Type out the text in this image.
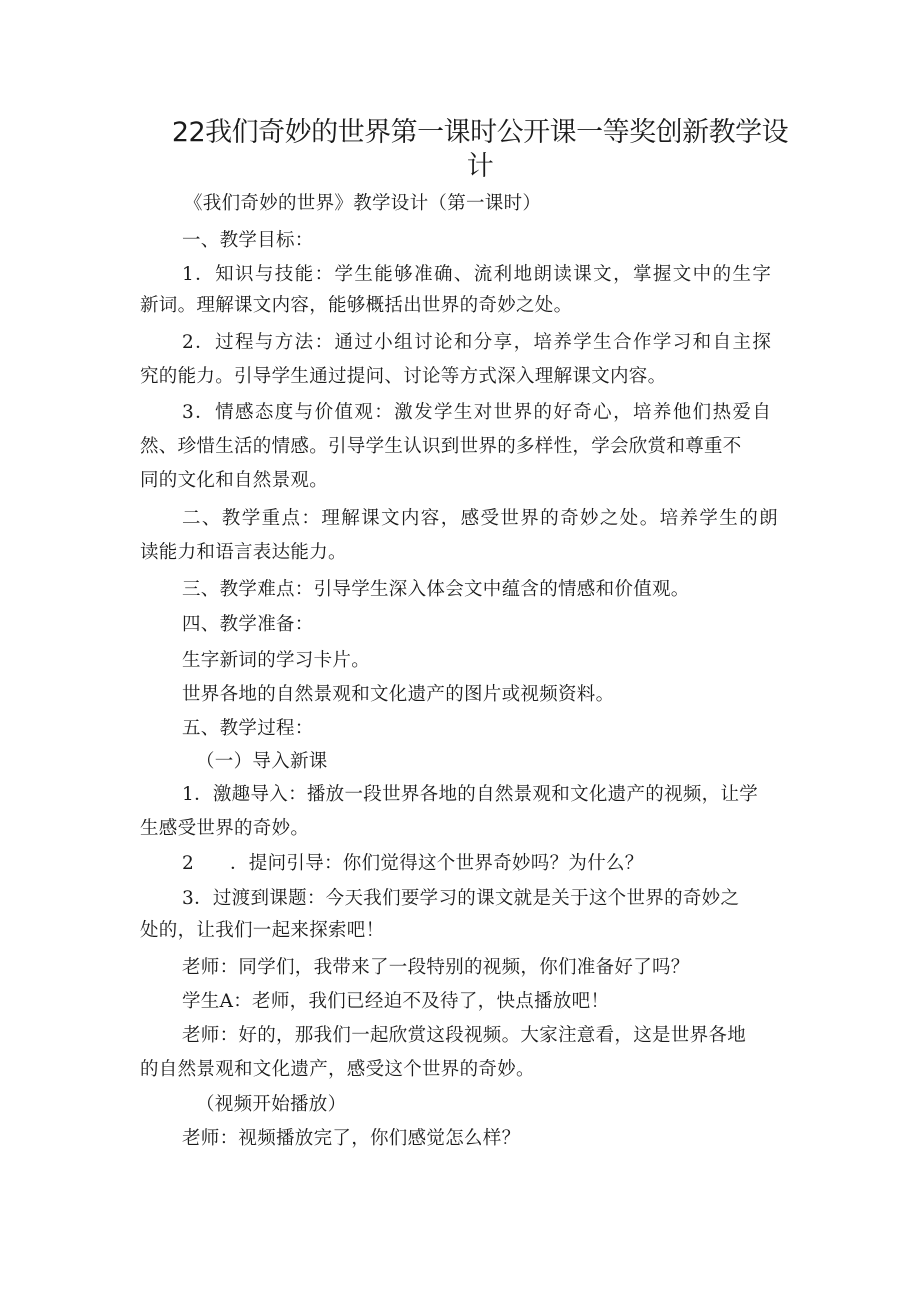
22我们奇妙的世界第一课时公开课一等奖创新教学设
计
《我们奇妙的世界》教学设计（第一课时）
一、教学目标：
1．知识与技能：学生能够准确、流利地朗读课文，掌握文中的生字
新词。理解课文内容，能够概括出世界的奇妙之处。
2．过程与方法：通过小组讨论和分享，培养学生合作学习和自主探
究的能力。引导学生通过提问、讨论等方式深入理解课文内容。
3．情感态度与价值观：激发学生对世界的好奇心，培养他们热爱自
然、珍惜生活的情感。引导学生认识到世界的多样性，学会欣赏和尊重不
同的文化和自然景观。
二、教学重点：理解课文内容，感受世界的奇妙之处。培养学生的朗
读能力和语言表达能力。
三、教学难点：引导学生深入体会文中蕴含的情感和价值观。
四、教学准备：
生字新词的学习卡片。
世界各地的自然景观和文化遗产的图片或视频资料。
五、教学过程：
（一）导入新课
1．激趣导入：播放一段世界各地的自然景观和文化遗产的视频，让学
生感受世界的奇妙。
2 ．提问引导：你们觉得这个世界奇妙吗？为什么？
3．过渡到课题：今天我们要学习的课文就是关于这个世界的奇妙之
处的，让我们一起来探索吧！
老师：同学们，我带来了一段特别的视频，你们准备好了吗？
学生A：老师，我们已经迫不及待了，快点播放吧！
老师：好的，那我们一起欣赏这段视频。大家注意看，这是世界各地
的自然景观和文化遗产，感受这个世界的奇妙。
（视频开始播放）
老师：视频播放完了，你们感觉怎么样？
